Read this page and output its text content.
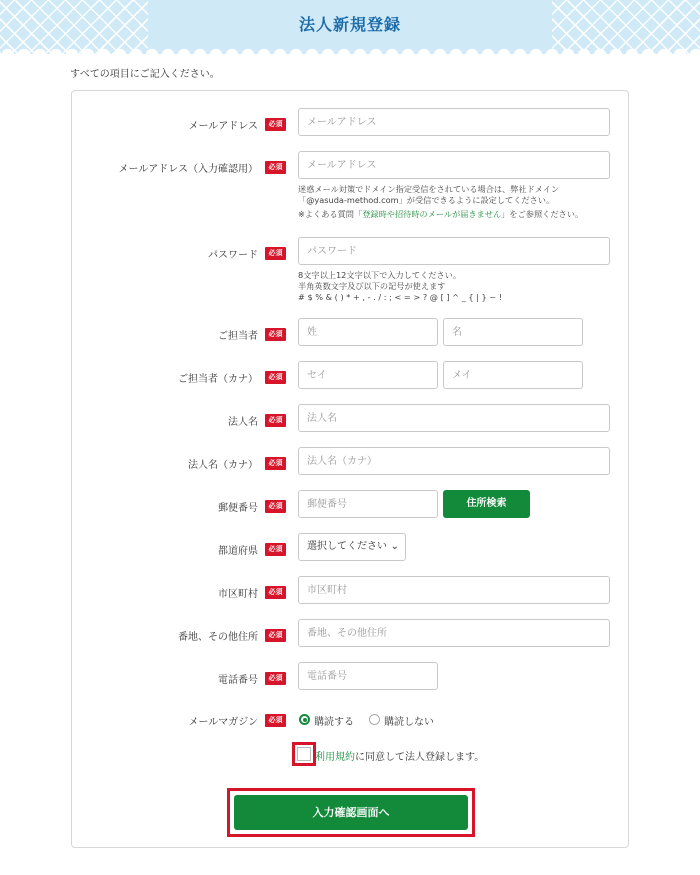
法人新規登録
すべての項目にご記入ください。
メールアドレス	必須
メールアドレス
メールアドレス（入力確認用）	必須
メールアドレス
迷惑メール対策でドメイン指定受信をされている場合は、弊社ドメイン
「@yasuda-method.com」が受信できるように設定してください。
※よくある質問「登録時や招待時のメールが届きません」をご参照ください。
パスワード	必須
パスワード
8文字以上12文字以下で入力してください。
半角英数文字及び以下の記号が使えます
# $ % & ( ) * + , - . / : ; < = > ? @ [ ] ^ _ { | } ~ !
ご担当者	必須
姓
名
ご担当者（カナ）	必須
セイ
メイ
法人名	必須
法人名
法人名（カナ）	必須
法人名（カナ）
郵便番号	必須
郵便番号	住所検索
都道府県	必須	選択してください ⌄
市区町村	必須
市区町村
番地、その他住所	必須
番地、その他住所
電話番号	必須
電話番号
メールマガジン	必須	購読する	購読しない
利用規約に同意して法人登録します。
入力確認画面へ
